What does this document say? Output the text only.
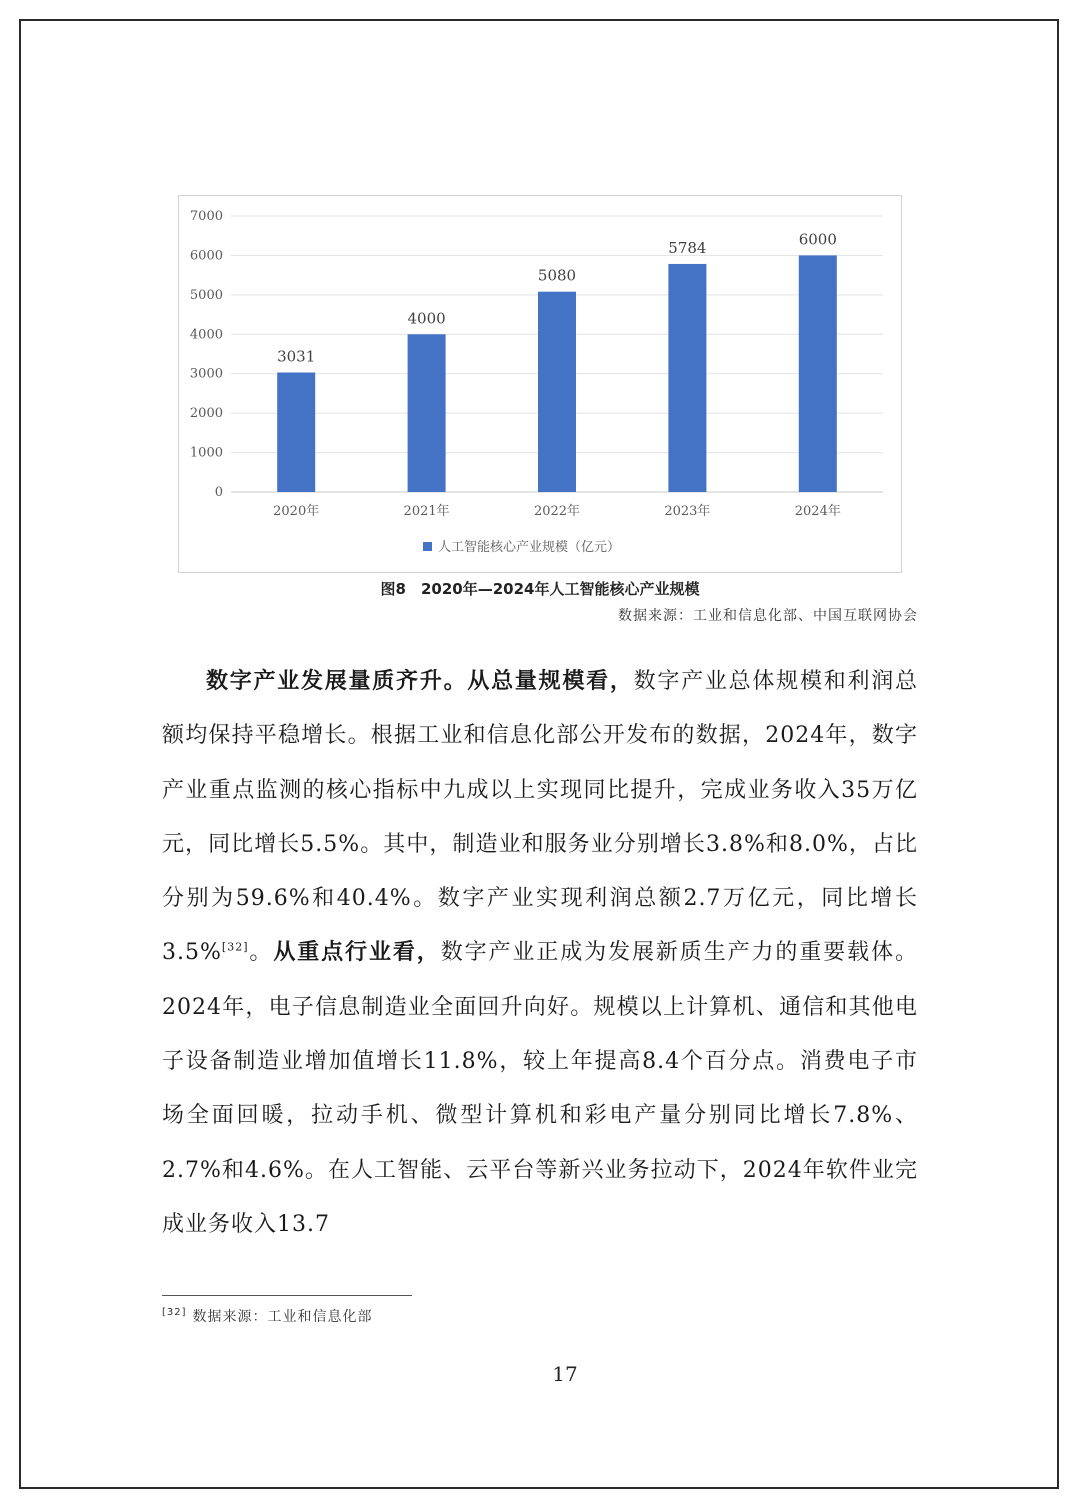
0
1000
2000
3000
4000
5000
6000
7000
3031
2020年
4000
2021年
5080
2022年
5784
2023年
6000
2024年
人工智能核心产业规模（亿元）
图8　2020年—2024年人工智能核心产业规模
数据来源：工业和信息化部、中国互联网协会

数字产业发展量质齐升。从总量规模看，数字产业总体规模和利润总额均保持平稳增长。根据工业和信息化部公开发布的数据，2024年，数字产业重点监测的核心指标中九成以上实现同比提升，完成业务收入35万亿元，同比增长5.5%。其中，制造业和服务业分别增长3.8%和8.0%，占比分别为59.6%和40.4%。数字产业实现利润总额2.7万亿元，同比增长3.5%[32]。从重点行业看，数字产业正成为发展新质生产力的重要载体。2024年，电子信息制造业全面回升向好。规模以上计算机、通信和其他电子设备制造业增加值增长11.8%，较上年提高8.4个百分点。消费电子市场全面回暖，拉动手机、微型计算机和彩电产量分别同比增长7.8%、2.7%和4.6%。在人工智能、云平台等新兴业务拉动下，2024年软件业完成业务收入13.7

[32] 数据来源：工业和信息化部
17
